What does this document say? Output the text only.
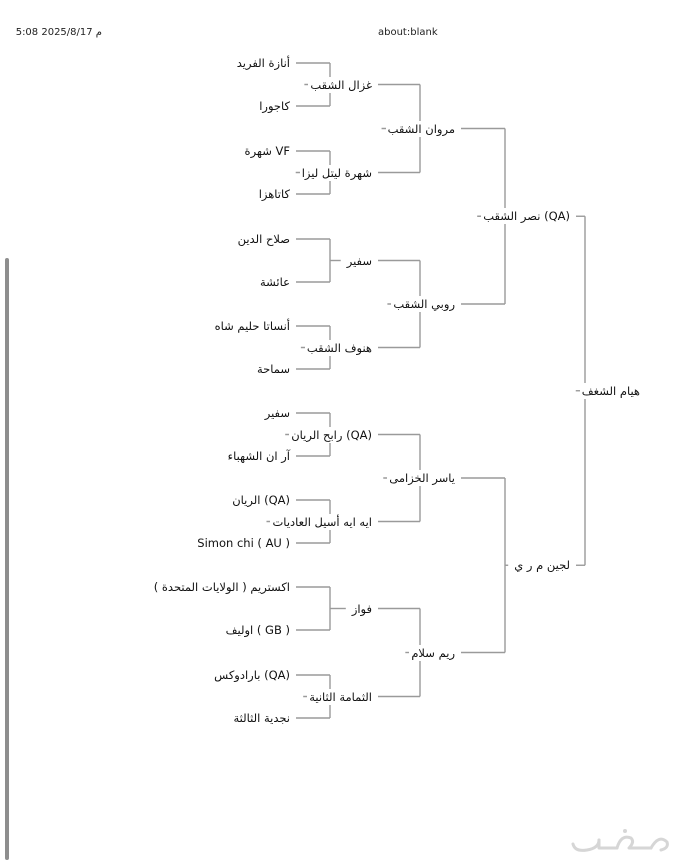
5:08 2025/8/17 م	about:blank
أنازة الفريد
كاجورا
غزال الشقب
شهرة VF
كاتاهزا
شهرة ليتل ليزا
مروان الشقب
صلاح الدين
عائشة
سفير
أنساتا حليم شاه
سماحة
هنوف الشقب
روبي الشقب
نصر الشقب (QA)
سفير
آر ان الشهباء
رابح الريان (QA)
الريان (QA)
Simon chi ( AU )
ايه ايه أسيل العاديات
ياسر الخزامى
اكستريم ( الولايات المتحدة )
اوليف ( GB )
فواز
بارادوكس (QA)
نجدية الثالثة
الثمامة الثانية
ريم سلام
لجين م ر ي
هيام الشغف
